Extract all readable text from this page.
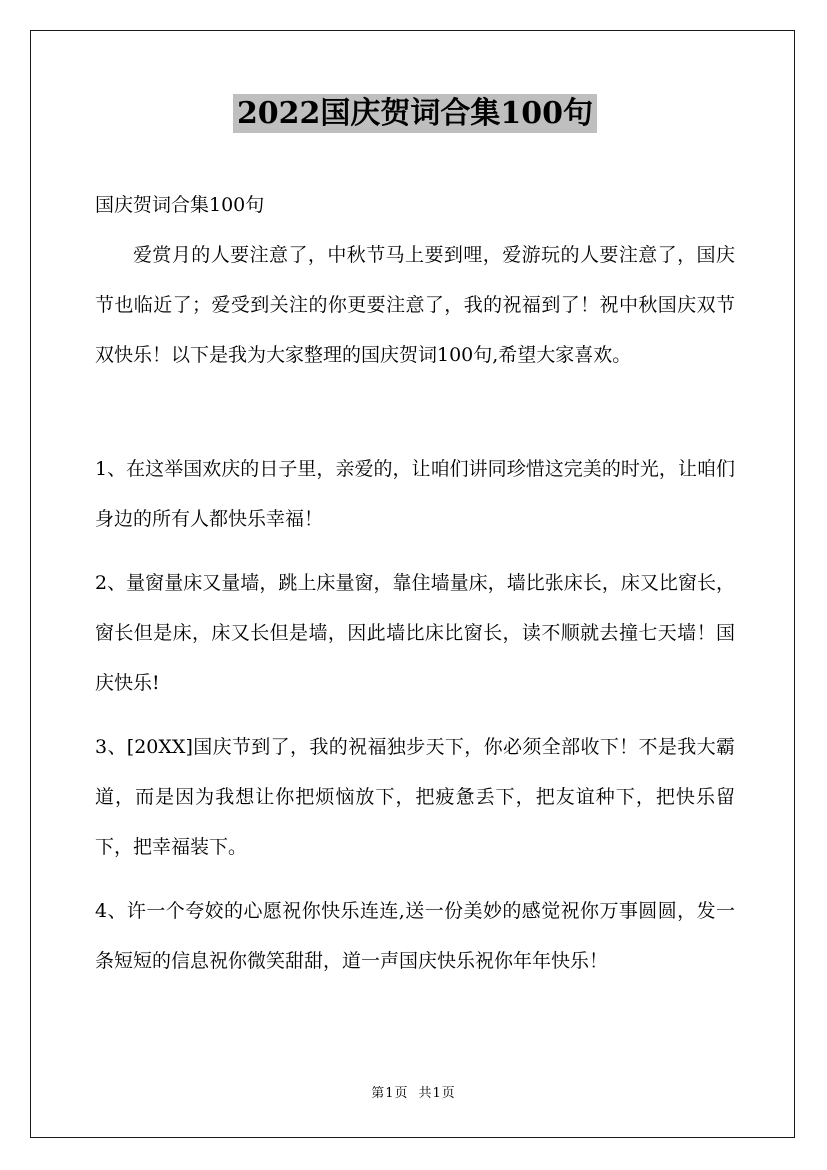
2022国庆贺词合集100句

国庆贺词合集100句

爱赏月的人要注意了，中秋节马上要到哩，爱游玩的人要注意了，国庆节也临近了；爱受到关注的你更要注意了，我的祝福到了！祝中秋国庆双节双快乐！以下是我为大家整理的国庆贺词100句,希望大家喜欢。

1、在这举国欢庆的日子里，亲爱的，让咱们讲同珍惜这完美的时光，让咱们身边的所有人都快乐幸福！

2、量窗量床又量墙，跳上床量窗，靠住墙量床，墙比张床长，床又比窗长，窗长但是床，床又长但是墙，因此墙比床比窗长，读不顺就去撞七天墙！国庆快乐!

3、[20XX]国庆节到了，我的祝福独步天下，你必须全部收下！不是我大霸道，而是因为我想让你把烦恼放下，把疲惫丢下，把友谊种下，把快乐留下，把幸福装下。

4、许一个夸姣的心愿祝你快乐连连,送一份美妙的感觉祝你万事圆圆，发一条短短的信息祝你微笑甜甜，道一声国庆快乐祝你年年快乐！

第1页 共1页
